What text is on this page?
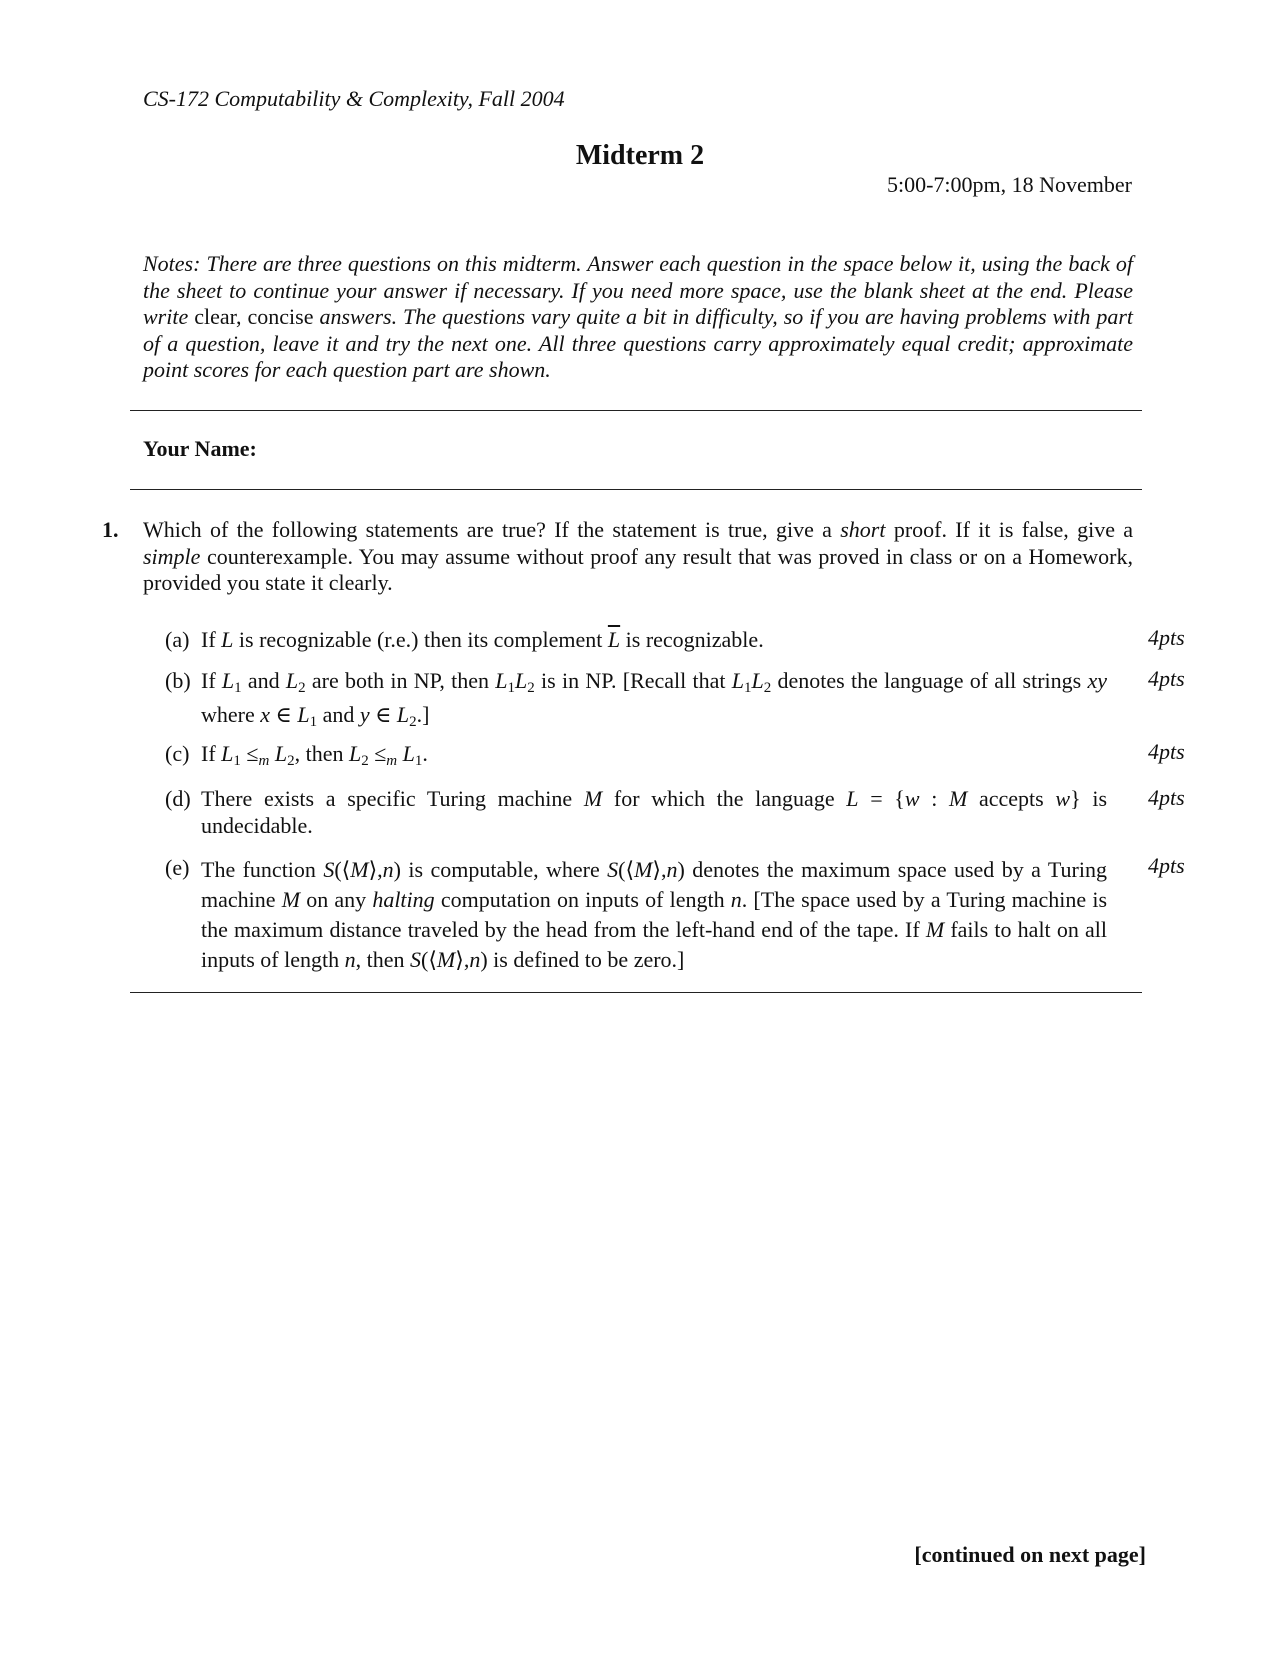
CS-172 Computability & Complexity, Fall 2004
Midterm 2
5:00-7:00pm, 18 November
Notes: There are three questions on this midterm. Answer each question in the space below it, using the back of the sheet to continue your answer if necessary. If you need more space, use the blank sheet at the end. Please write clear, concise answers. The questions vary quite a bit in difficulty, so if you are having problems with part of a question, leave it and try the next one. All three questions carry approximately equal credit; approximate point scores for each question part are shown.
Your Name:
1. Which of the following statements are true? If the statement is true, give a short proof. If it is false, give a simple counterexample. You may assume without proof any result that was proved in class or on a Homework, provided you state it clearly.
(a) If L is recognizable (r.e.) then its complement $\overline{L}$ is recognizable.	4pts
(b) If $L_1$ and $L_2$ are both in NP, then $L_1L_2$ is in NP. [Recall that $L_1L_2$ denotes the language of all strings xy where x ∈ $L_1$ and y ∈ $L_2$.]
4pts
(c) If $L_1 \le_m$ $L_2$, then $L_2 \le_m$ $L_1$.	4pts
(d) There exists a specific Turing machine M for which the language L = {w : M accepts w} is undecidable.
4pts
(e) The function S(⟨M⟩,n) is computable, where S(⟨M⟩,n) denotes the maximum space used by a Turing machine M on any halting computation on inputs of length n. [The space used by a Turing machine is the maximum distance traveled by the head from the left-hand end of the tape. If M fails to halt on all inputs of length n, then S(⟨M⟩,n) is defined to be zero.]
4pts
[continued on next page]
